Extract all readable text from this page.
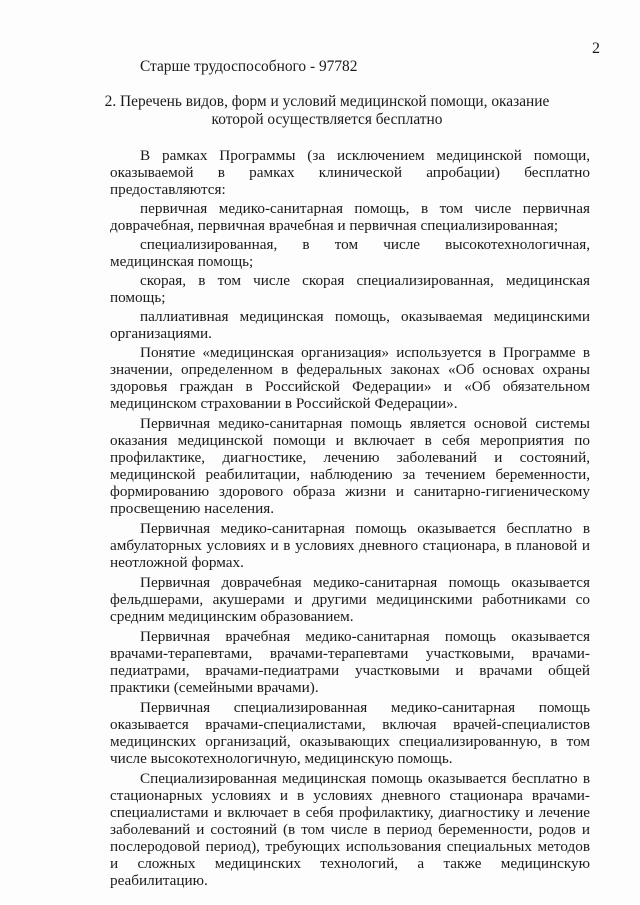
2
Старше трудоспособного - 97782
2. Перечень видов, форм и условий медицинской помощи, оказание которой осуществляется бесплатно

В рамках Программы (за исключением медицинской помощи, оказываемой в рамках клинической апробации) бесплатно предоставляются:

первичная медико-санитарная помощь, в том числе первичная доврачебная, первичная врачебная и первичная специализированная;

специализированная, в том числе высокотехнологичная, медицинская помощь;

скорая, в том числе скорая специализированная, медицинская помощь;

паллиативная медицинская помощь, оказываемая медицинскими организациями.

Понятие «медицинская организация» используется в Программе в значении, определенном в федеральных законах «Об основах охраны здоровья граждан в Российской Федерации» и «Об обязательном медицинском страховании в Российской Федерации».

Первичная медико-санитарная помощь является основой системы оказания медицинской помощи и включает в себя мероприятия по профилактике, диагностике, лечению заболеваний и состояний, медицинской реабилитации, наблюдению за течением беременности, формированию здорового образа жизни и санитарно-гигиеническому просвещению населения.

Первичная медико-санитарная помощь оказывается бесплатно в амбулаторных условиях и в условиях дневного стационара, в плановой и неотложной формах.

Первичная доврачебная медико-санитарная помощь оказывается фельдшерами, акушерами и другими медицинскими работниками со средним медицинским образованием.

Первичная врачебная медико-санитарная помощь оказывается врачами-терапевтами, врачами-терапевтами участковыми, врачами-педиатрами, врачами-педиатрами участковыми и врачами общей практики (семейными врачами).

Первичная специализированная медико-санитарная помощь оказывается врачами-специалистами, включая врачей-специалистов медицинских организаций, оказывающих специализированную, в том числе высокотехнологичную, медицинскую помощь.

Специализированная медицинская помощь оказывается бесплатно в стационарных условиях и в условиях дневного стационара врачами-специалистами и включает в себя профилактику, диагностику и лечение заболеваний и состояний (в том числе в период беременности, родов и послеродовой период), требующих использования специальных методов и сложных медицинских технологий, а также медицинскую реабилитацию.
